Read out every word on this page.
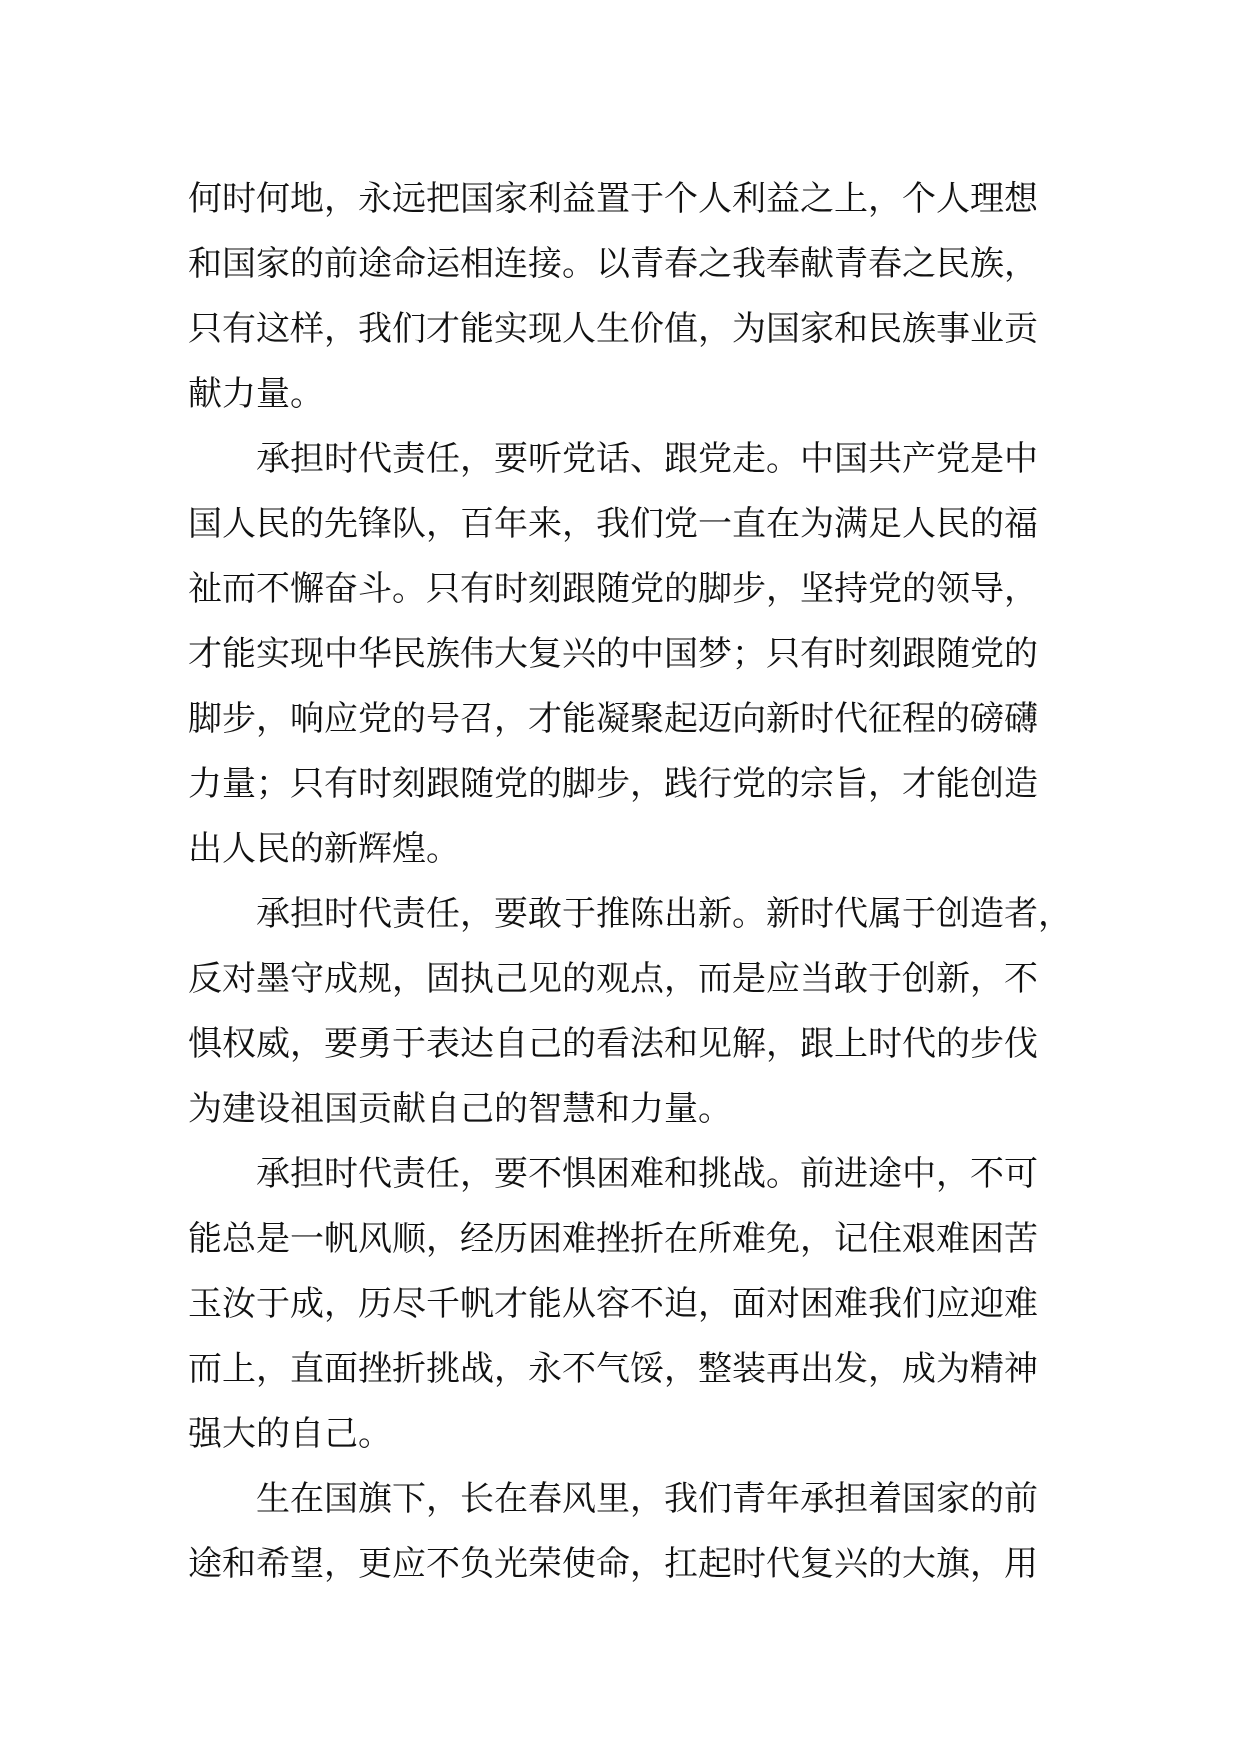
何时何地，永远把国家利益置于个人利益之上，个人理想
和国家的前途命运相连接。以青春之我奉献青春之民族，
只有这样，我们才能实现人生价值，为国家和民族事业贡
献力量。
承担时代责任，要听党话、跟党走。中国共产党是中
国人民的先锋队，百年来，我们党一直在为满足人民的福
祉而不懈奋斗。只有时刻跟随党的脚步，坚持党的领导，
才能实现中华民族伟大复兴的中国梦；只有时刻跟随党的
脚步，响应党的号召，才能凝聚起迈向新时代征程的磅礴
力量；只有时刻跟随党的脚步，践行党的宗旨，才能创造
出人民的新辉煌。
承担时代责任，要敢于推陈出新。新时代属于创造者，
反对墨守成规，固执己见的观点，而是应当敢于创新，不
惧权威，要勇于表达自己的看法和见解，跟上时代的步伐
为建设祖国贡献自己的智慧和力量。
承担时代责任，要不惧困难和挑战。前进途中，不可
能总是一帆风顺，经历困难挫折在所难免，记住艰难困苦
玉汝于成，历尽千帆才能从容不迫，面对困难我们应迎难
而上，直面挫折挑战，永不气馁，整装再出发，成为精神
强大的自己。
生在国旗下，长在春风里，我们青年承担着国家的前
途和希望，更应不负光荣使命，扛起时代复兴的大旗，用
